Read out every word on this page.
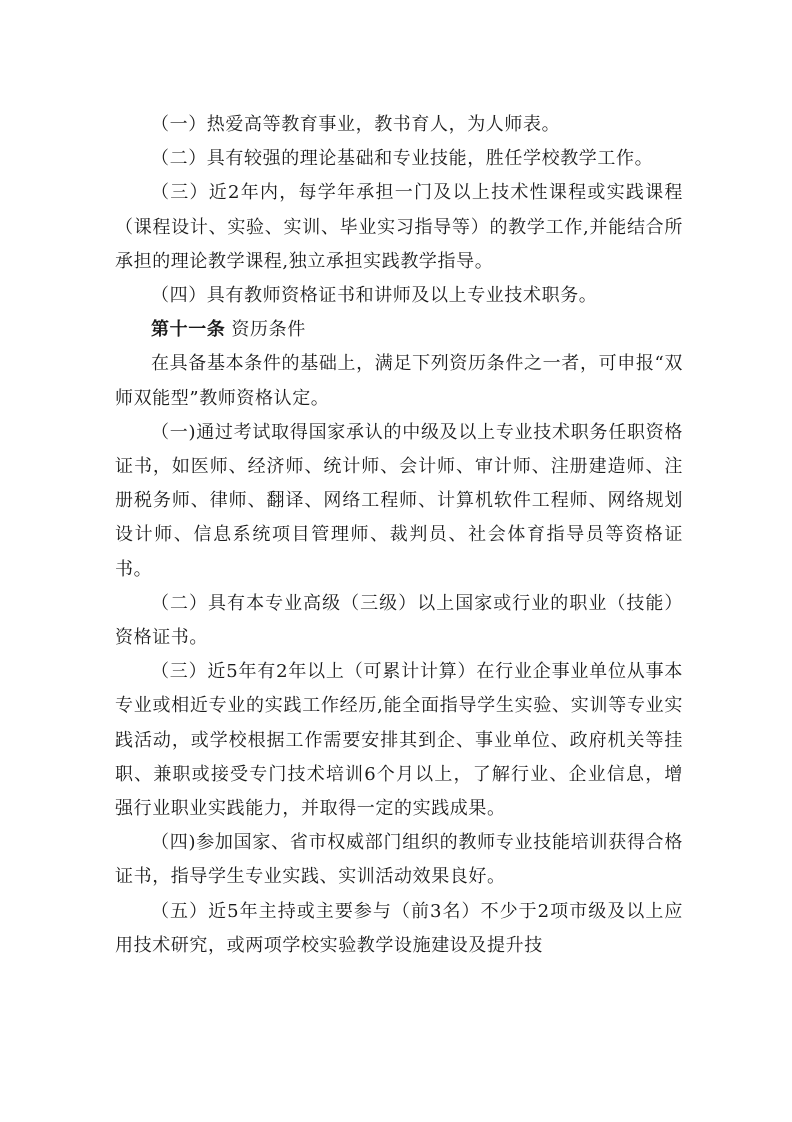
（一）热爱高等教育事业，教书育人，为人师表。

（二）具有较强的理论基础和专业技能，胜任学校教学工作。

（三）近2年内，每学年承担一门及以上技术性课程或实践课程（课程设计、实验、实训、毕业实习指导等）的教学工作,并能结合所承担的理论教学课程,独立承担实践教学指导。

（四）具有教师资格证书和讲师及以上专业技术职务。

第十一条 资历条件

在具备基本条件的基础上，满足下列资历条件之一者，可申报“双师双能型”教师资格认定。

（一)通过考试取得国家承认的中级及以上专业技术职务任职资格证书，如医师、经济师、统计师、会计师、审计师、注册建造师、注册税务师、律师、翻译、网络工程师、计算机软件工程师、网络规划设计师、信息系统项目管理师、裁判员、社会体育指导员等资格证书。

（二）具有本专业高级（三级）以上国家或行业的职业（技能）资格证书。

（三）近5年有2年以上（可累计计算）在行业企事业单位从事本专业或相近专业的实践工作经历,能全面指导学生实验、实训等专业实践活动，或学校根据工作需要安排其到企、事业单位、政府机关等挂职、兼职或接受专门技术培训6个月以上，了解行业、企业信息，增强行业职业实践能力，并取得一定的实践成果。

（四)参加国家、省市权威部门组织的教师专业技能培训获得合格证书，指导学生专业实践、实训活动效果良好。

（五）近5年主持或主要参与（前3名）不少于2项市级及以上应用技术研究，或两项学校实验教学设施建设及提升技
